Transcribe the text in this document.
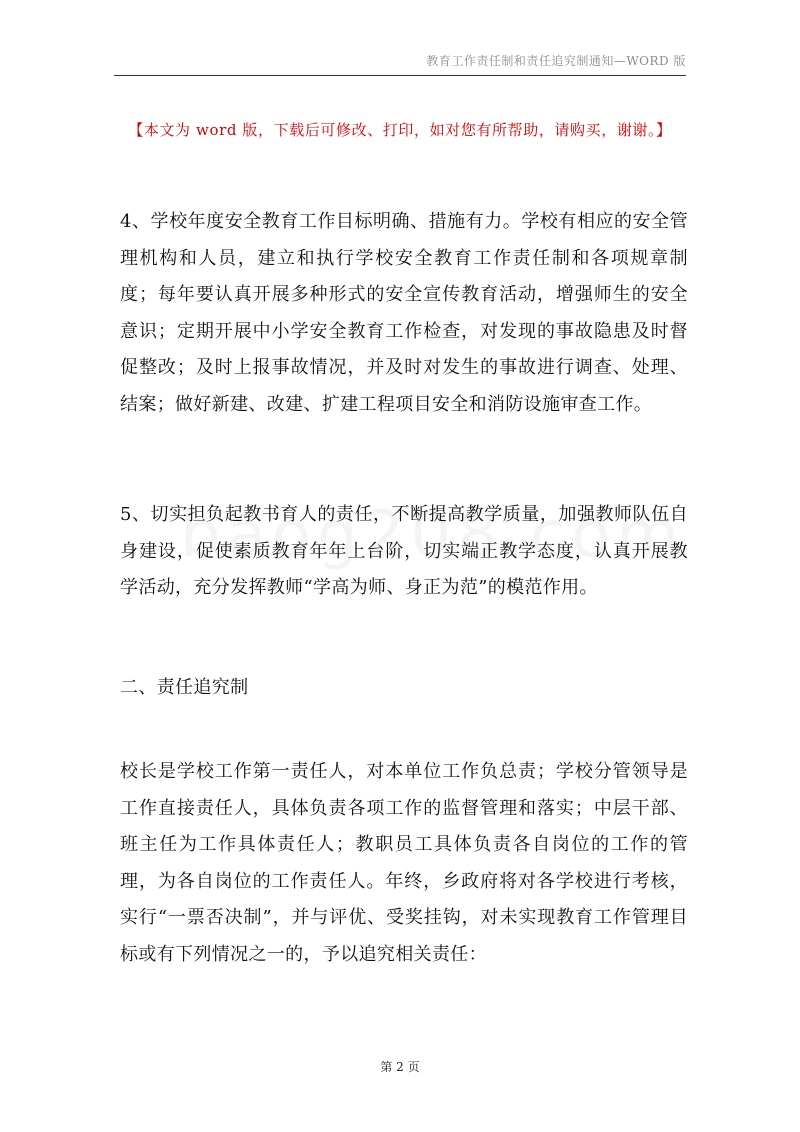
教育工作责任制和责任追究制通知—WORD 版
【本文为 word 版，下载后可修改、打印，如对您有所帮助，请购买，谢谢。】

4、学校年度安全教育工作目标明确、措施有力。学校有相应的安全管理机构和人员，建立和执行学校安全教育工作责任制和各项规章制度；每年要认真开展多种形式的安全宣传教育活动，增强师生的安全意识；定期开展中小学安全教育工作检查，对发现的事故隐患及时督促整改；及时上报事故情况，并及时对发生的事故进行调查、处理、结案；做好新建、改建、扩建工程项目安全和消防设施审查工作。

5、切实担负起教书育人的责任，不断提高教学质量，加强教师队伍自身建设，促使素质教育年年上台阶，切实端正教学态度，认真开展教学活动，充分发挥教师“学高为师、身正为范”的模范作用。

二、责任追究制

校长是学校工作第一责任人，对本单位工作负总责；学校分管领导是工作直接责任人，具体负责各项工作的监督管理和落实；中层干部、班主任为工作具体责任人；教职员工具体负责各自岗位的工作的管理，为各自岗位的工作责任人。年终，乡政府将对各学校进行考核，实行“一票否决制”，并与评优、受奖挂钩，对未实现教育工作管理目标或有下列情况之一的，予以追究相关责任：

第 2 页
